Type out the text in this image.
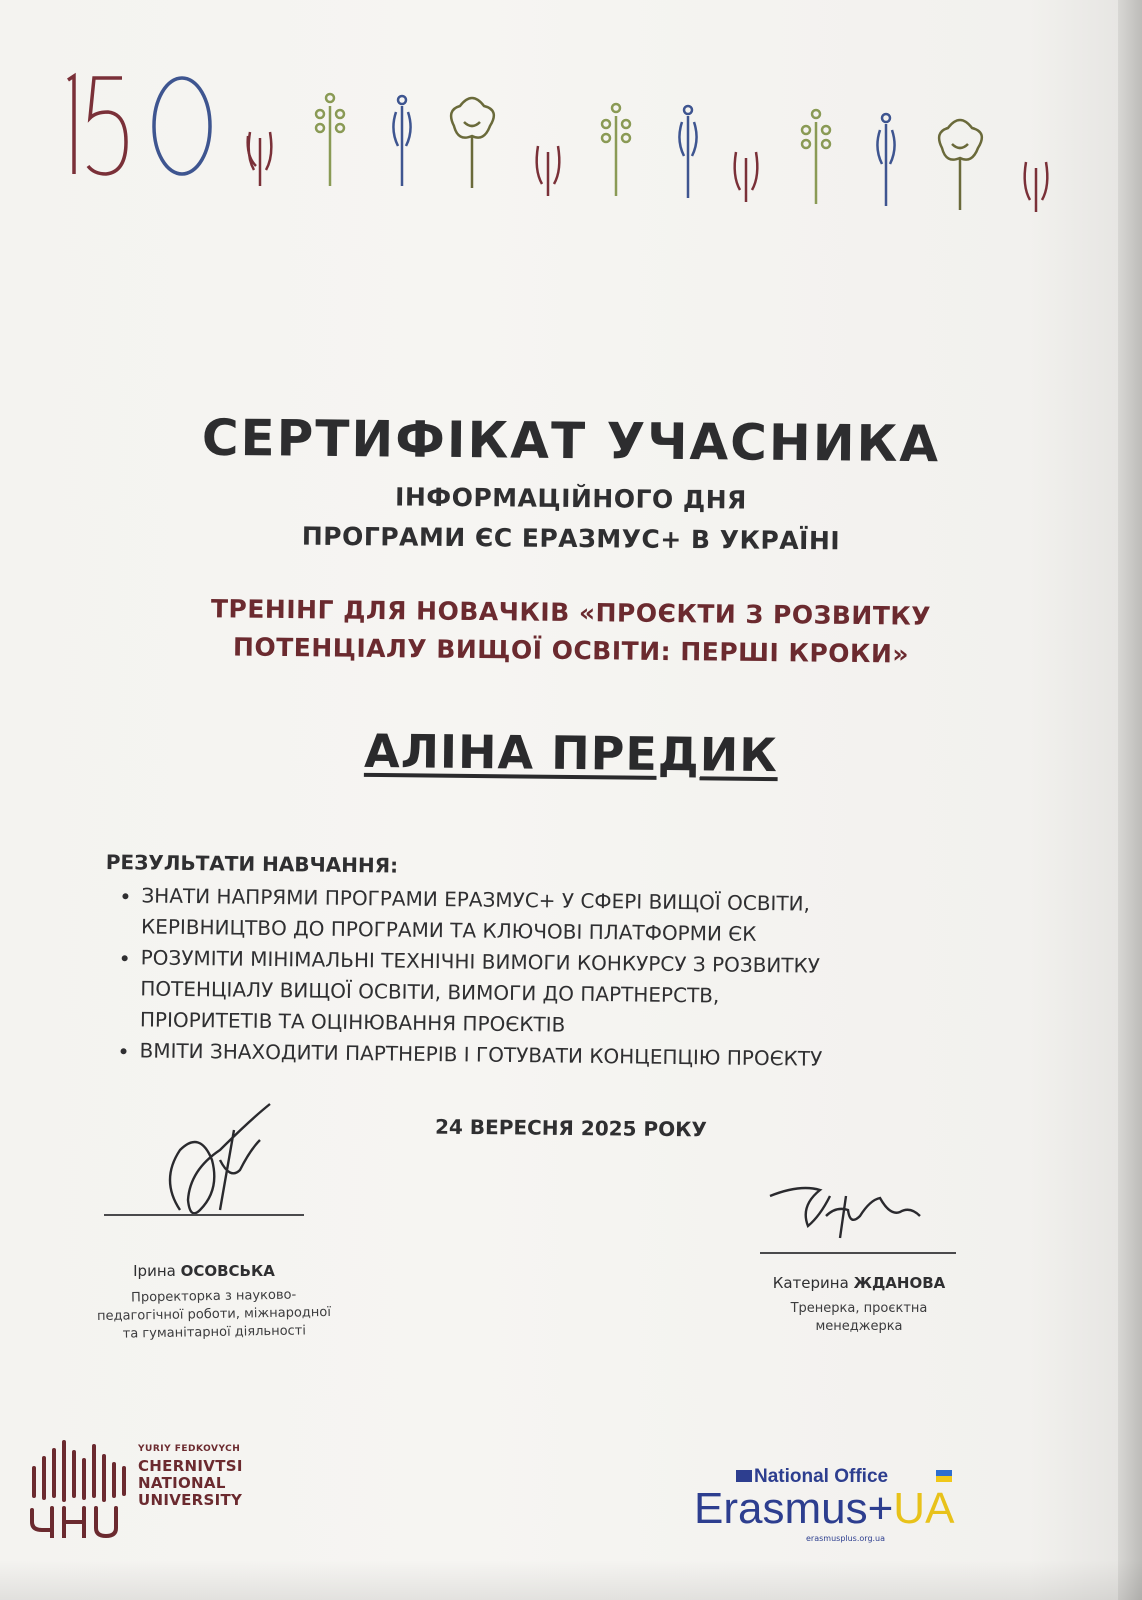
СЕРТИФІКАТ УЧАСНИКА
ІНФОРМАЦІЙНОГО ДНЯ
ПРОГРАМИ ЄС ЕРАЗМУС+ В УКРАЇНІ
ТРЕНІНГ ДЛЯ НОВАЧКІВ «ПРОЄКТИ З РОЗВИТКУ
ПОТЕНЦІАЛУ ВИЩОЇ ОСВІТИ: ПЕРШІ КРОКИ»
АЛІНА ПРЕДИК
РЕЗУЛЬТАТИ НАВЧАННЯ:
• ЗНАТИ НАПРЯМИ ПРОГРАМИ ЕРАЗМУС+ У СФЕРІ ВИЩОЇ ОСВІТИ,
КЕРІВНИЦТВО ДО ПРОГРАМИ ТА КЛЮЧОВІ ПЛАТФОРМИ ЄК
• РОЗУМІТИ МІНІМАЛЬНІ ТЕХНІЧНІ ВИМОГИ КОНКУРСУ З РОЗВИТКУ
ПОТЕНЦІАЛУ ВИЩОЇ ОСВІТИ, ВИМОГИ ДО ПАРТНЕРСТВ,
ПРІОРИТЕТІВ ТА ОЦІНЮВАННЯ ПРОЄКТІВ
• ВМІТИ ЗНАХОДИТИ ПАРТНЕРІВ І ГОТУВАТИ КОНЦЕПЦІЮ ПРОЄКТУ
24 ВЕРЕСНЯ 2025 РОКУ
Ірина ОСОВСЬКА
Проректорка з науково-
педагогічної роботи, міжнародної
та гуманітарної діяльності
Катерина ЖДАНОВА
Тренерка, проєктна
менеджерка
YURIY FEDKOVYCH
CHERNIVTSI
NATIONAL
UNIVERSITY
National Office
Erasmus+UA
erasmusplus.org.ua
